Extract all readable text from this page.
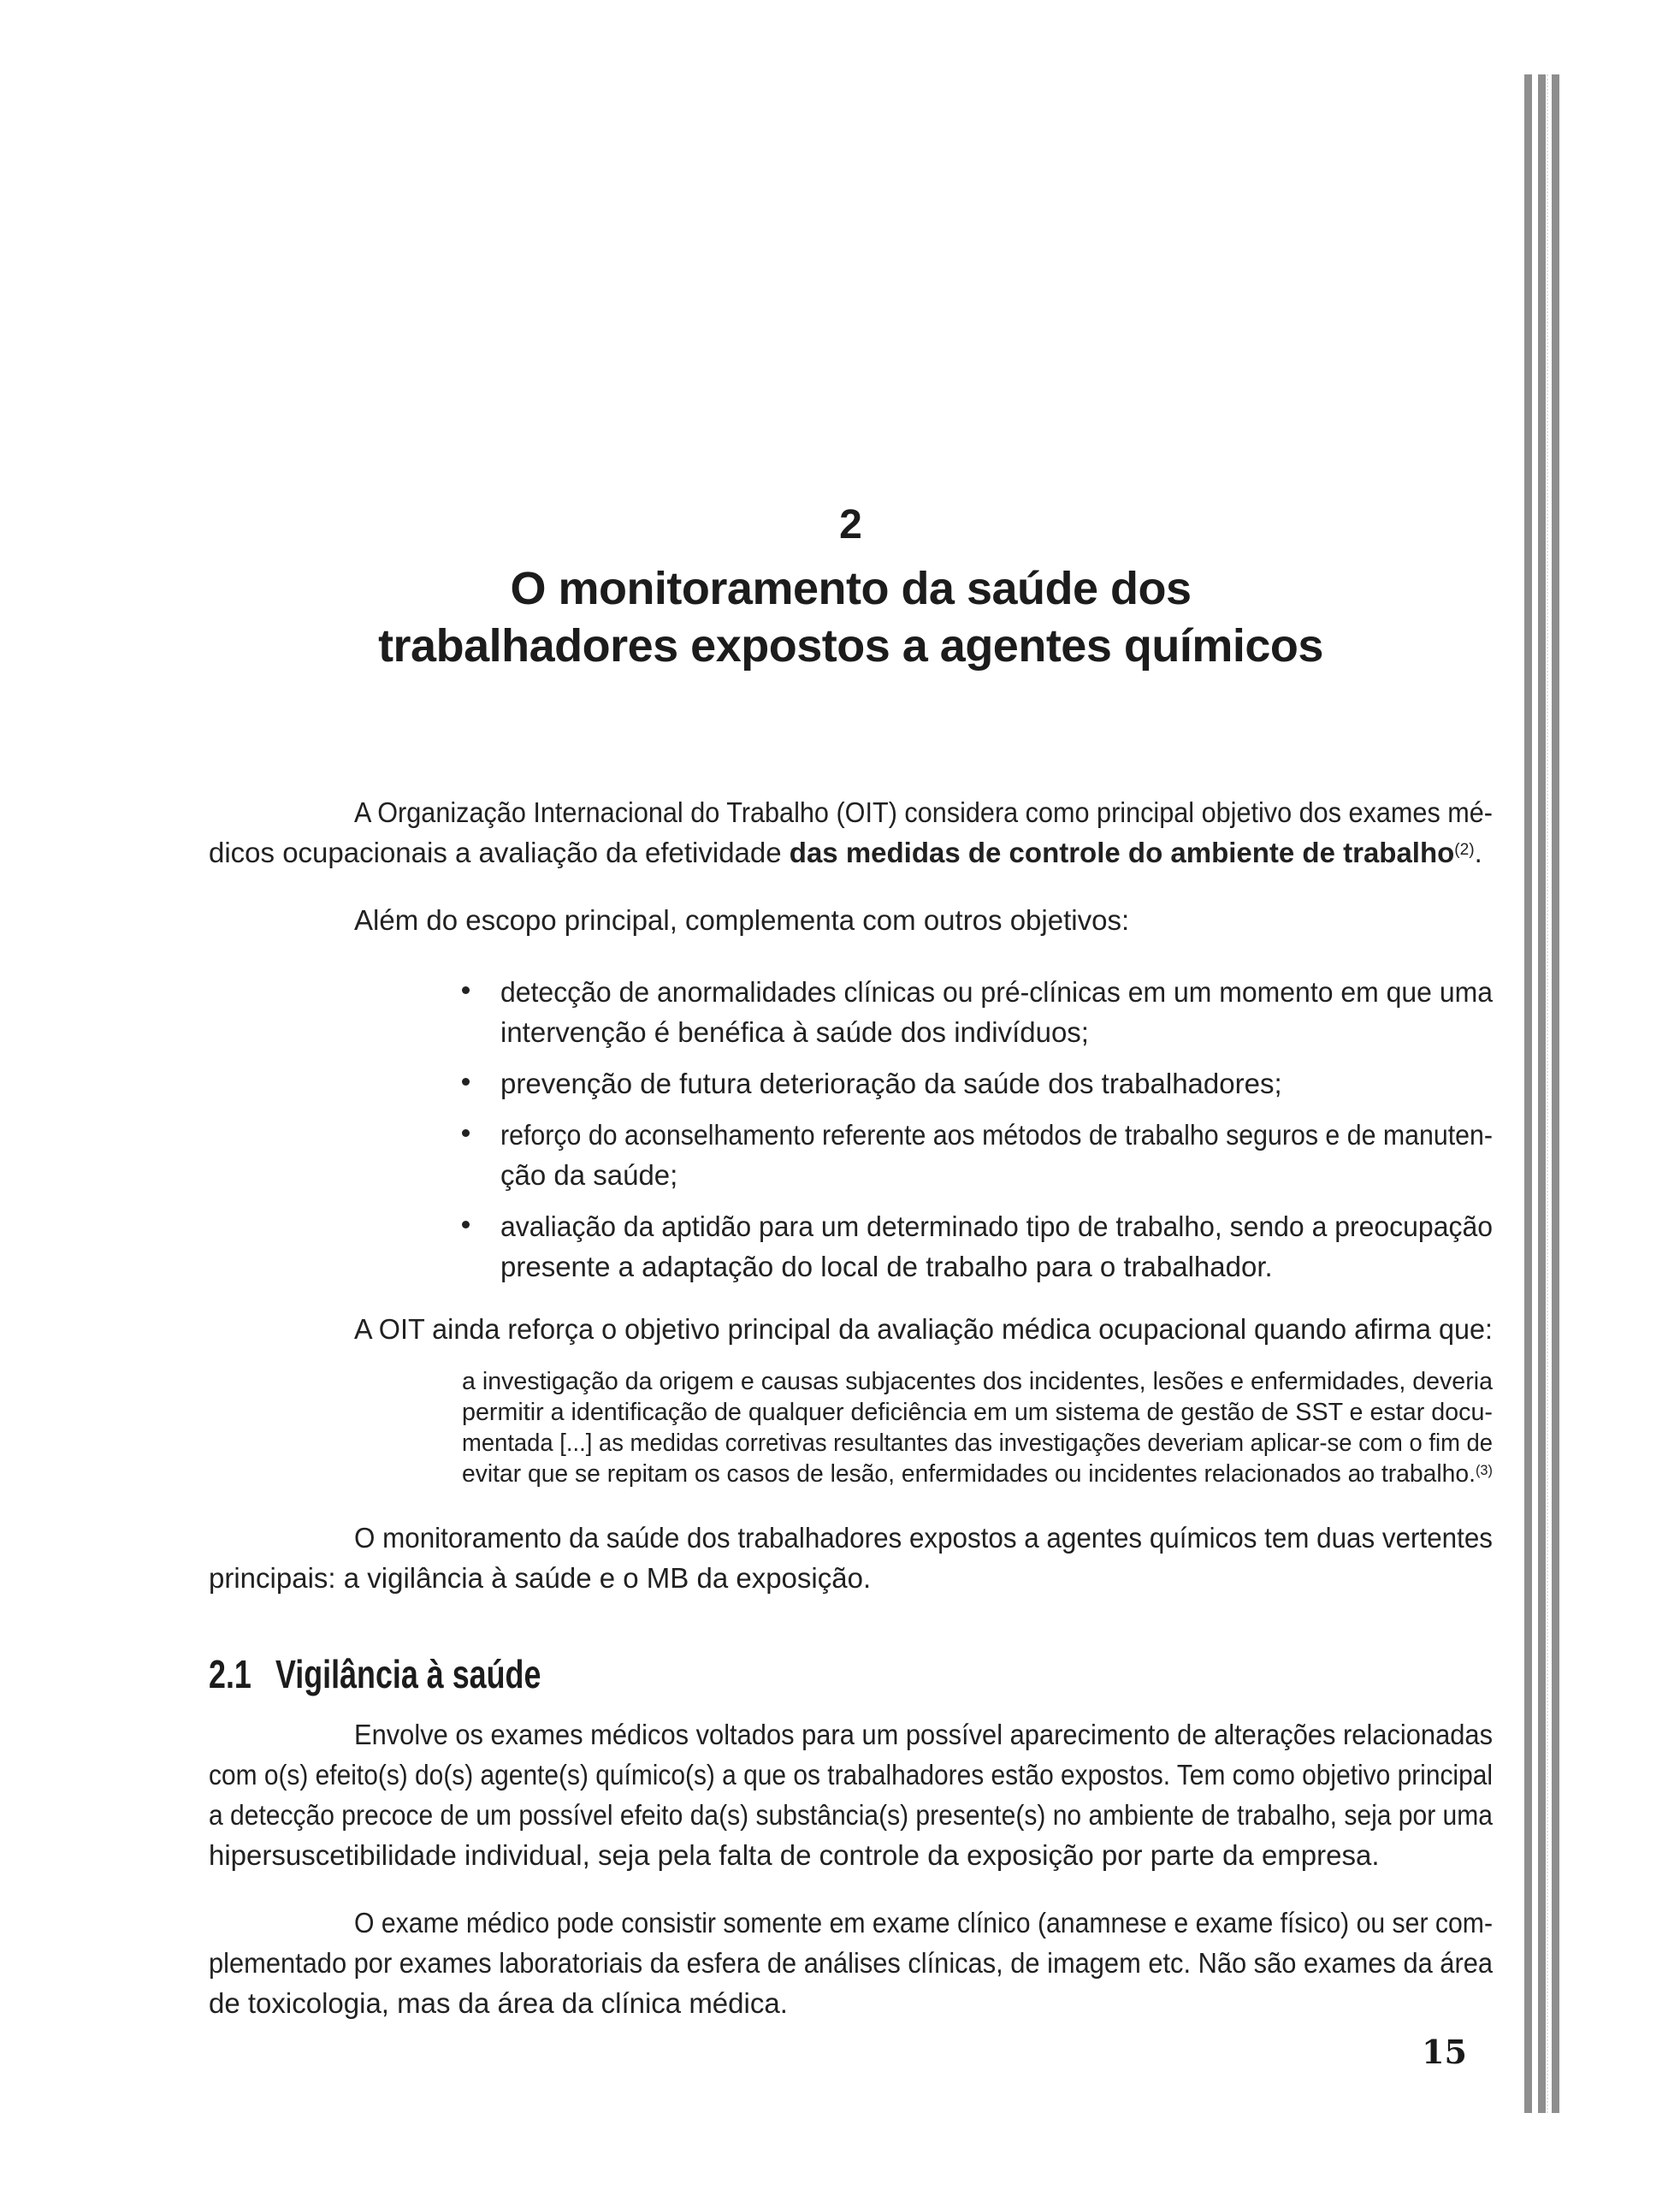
2
O monitoramento da saúde dos
trabalhadores expostos a agentes químicos
A Organização Internacional do Trabalho (OIT) considera como principal objetivo dos exames mé-
dicos ocupacionais a avaliação da efetividade das medidas de controle do ambiente de trabalho$^{(2)}$.
Além do escopo principal, complementa com outros objetivos:
detecção de anormalidades clínicas ou pré-clínicas em um momento em que uma
intervenção é benéfica à saúde dos indivíduos;
prevenção de futura deterioração da saúde dos trabalhadores;
reforço do aconselhamento referente aos métodos de trabalho seguros e de manuten-
ção da saúde;
avaliação da aptidão para um determinado tipo de trabalho, sendo a preocupação
presente a adaptação do local de trabalho para o trabalhador.
A OIT ainda reforça o objetivo principal da avaliação médica ocupacional quando afirma que:
a investigação da origem e causas subjacentes dos incidentes, lesões e enfermidades, deveria
permitir a identificação de qualquer deficiência em um sistema de gestão de SST e estar docu-
mentada [...] as medidas corretivas resultantes das investigações deveriam aplicar-se com o fim de
evitar que se repitam os casos de lesão, enfermidades ou incidentes relacionados ao trabalho.$^{(3)}$
O monitoramento da saúde dos trabalhadores expostos a agentes químicos tem duas vertentes
principais: a vigilância à saúde e o MB da exposição.
2.1 Vigilância à saúde
Envolve os exames médicos voltados para um possível aparecimento de alterações relacionadas
com o(s) efeito(s) do(s) agente(s) químico(s) a que os trabalhadores estão expostos. Tem como objetivo principal
a detecção precoce de um possível efeito da(s) substância(s) presente(s) no ambiente de trabalho, seja por uma
hipersuscetibilidade individual, seja pela falta de controle da exposição por parte da empresa.
O exame médico pode consistir somente em exame clínico (anamnese e exame físico) ou ser com-
plementado por exames laboratoriais da esfera de análises clínicas, de imagem etc. Não são exames da área
de toxicologia, mas da área da clínica médica.
15
